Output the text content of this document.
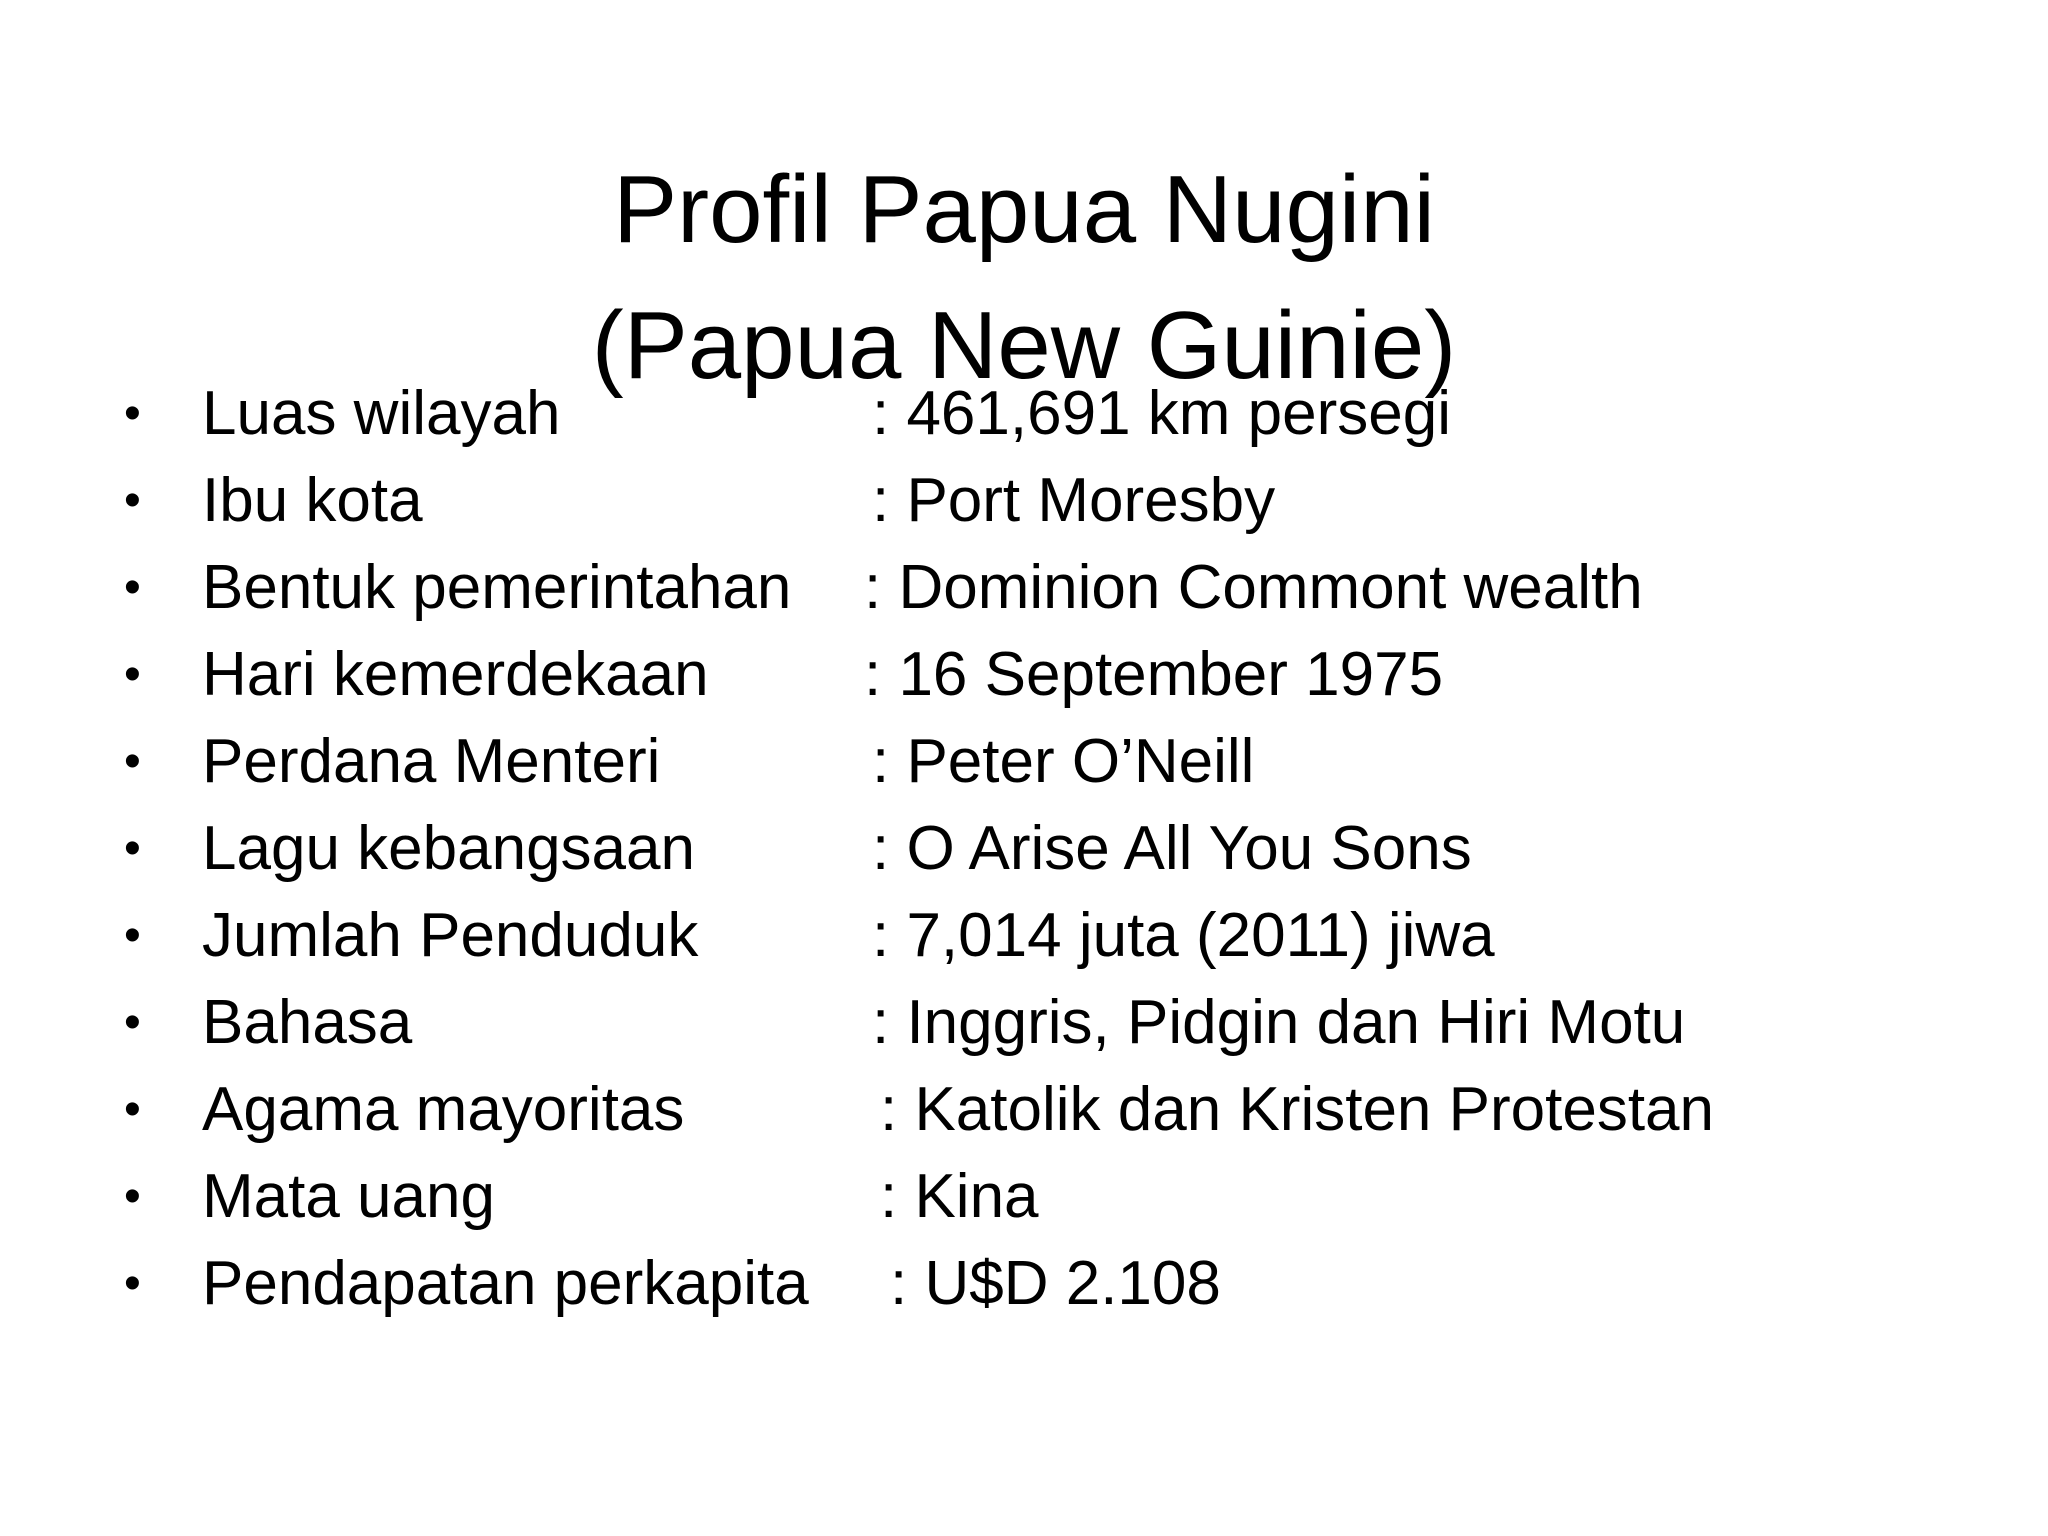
Profil Papua Nugini
(Papua New Guinie)
• Luas wilayah	: 461,691 km persegi
• Ibu kota	: Port Moresby
• Bentuk pemerintahan : Dominion Commont wealth
• Hari kemerdekaan	: 16 September 1975
• Perdana Menteri	: Peter O’Neill
• Lagu kebangsaan	: O Arise All You Sons
• Jumlah Penduduk	: 7,014 juta (2011) jiwa
• Bahasa	: Inggris, Pidgin dan Hiri Motu
• Agama mayoritas	: Katolik dan Kristen Protestan
• Mata uang	: Kina
• Pendapatan perkapita : U$D 2.108
